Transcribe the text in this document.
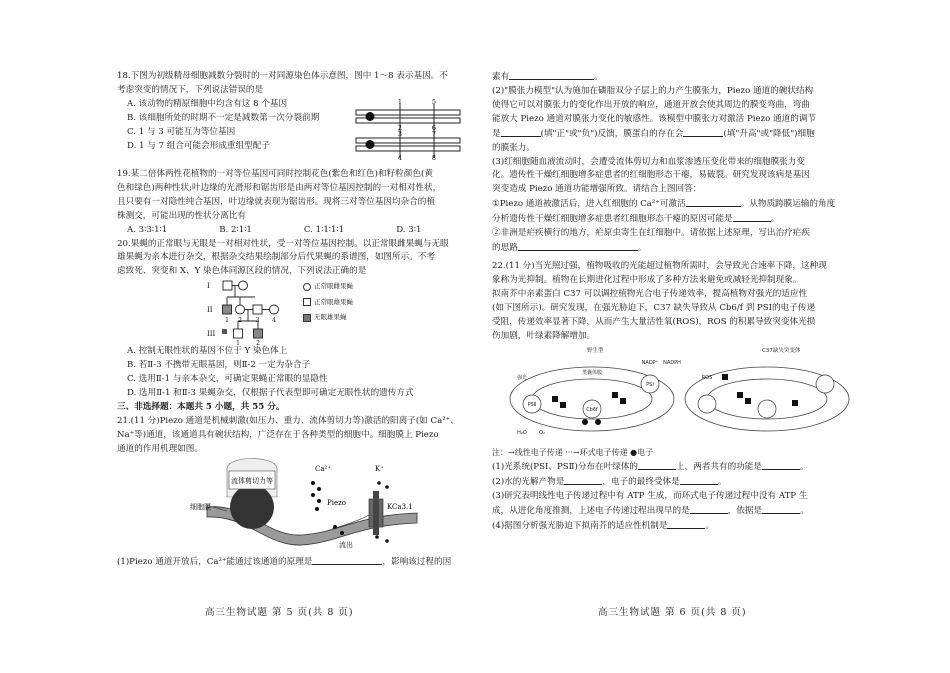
18.下图为初级精母细胞减数分裂时的一对同源染色体示意图，图中 1～8 表示基因。不

考虑突变的情况下，下列说法错误的是

A. 该动物的精原细胞中均含有这 8 个基因

B. 该细胞所处的时期不一定是减数第一次分裂前期

C. 1 与 3 可能互为等位基因

D. 1 与 7 组合可能会形成重组型配子

1	5
2	6
3	7
4	8

19.某二倍体两性花植物的一对等位基因可同时控制花色(紫色和红色)和籽粒颜色(黄

色和绿色)两种性状;叶边缘的光滑形和锯齿形是由两对等位基因控制的一对相对性状，

且只要有一对隐性纯合基因，叶边缘就表现为锯齿形。现将三对等位基因均杂合的植

株测交，可能出现的性状分离比有

A. 3∶3∶1∶1	B. 2∶1∶1	C. 1∶1∶1∶1	D. 3∶1

20.果蝇的正常眼与无眼是一对相对性状，受一对等位基因控制。以正常眼雌果蝇与无眼

雄果蝇为亲本进行杂交，根据杂交结果绘制部分后代果蝇的系谱图，如图所示。不考

虑致死、突变和 X、Y 染色体同源区段的情况，下列说法正确的是

I
II
III
1 2 3 4
1	2
正常眼雌果蝇
正常眼雄果蝇
无眼雄果蝇

A. 控制无眼性状的基因不位于 Y 染色体上

B. 若Ⅱ-3 不携带无眼基因，则Ⅱ-2 一定为杂合子

C. 选用Ⅱ-1 与亲本杂交，可确定果蝇正常眼的显隐性

D. 选用Ⅱ-1 和Ⅱ-3 果蝇杂交，仅根据子代表型即可确定无眼性状的遗传方式

三、非选择题：本题共 5 小题，共 55 分。

21.(11 分)Piezo 通道是机械刺激(如压力、重力、流体剪切力等)激活的阳离子(如 Ca²⁺、

Na⁺等)通道，该通道具有碗状结构，广泛存在于各种类型的细胞中。细胞膜上 Piezo

通道的作用机理如图。

流体剪切力等
细胞膜
Ca²⁺
Piezo
K⁺
KCa3.1
流出

(1)Piezo 通道开放后，Ca²⁺能通过该通道的原理是	，影响该过程的因

高三生物试题 第 5 页(共 8 页)

素有	。

(2)"膜张力模型"认为施加在磷脂双分子层上的力产生膜张力，Piezo 通道的碗状结构

使得它可以对膜张力的变化作出开放的响应，通道开放会使其周边的膜变弯曲，弯曲

能放大 Piezo 通道对膜张力变化的敏感性。该模型中膜张力对激活 Piezo 通道的调节

是	(填"正"或"负")反馈，膜蛋白的存在会	(填"升高"或"降低")细胞

的膜张力。

(3)红细胞随血液流动时，会遭受流体剪切力和血浆渗透压变化带来的细胞膜张力变

化。遗传性干燥红细胞增多症患者的红细胞形态干瘪，易破裂。研究发现该病是基因

突变造成 Piezo 通道功能增强所致。请结合上图回答：

①Piezo 通道被激活后，进入红细胞的 Ca²⁺可激活	。从物质跨膜运输的角度

分析遗传性干燥红细胞增多症患者红细胞形态干瘪的原因可能是	。

②非洲是疟疾横行的地方，疟原虫寄生在红细胞中。请依据上述原理，写出治疗疟疾

的思路	。

22.(11 分)当光照过强，植物吸收的光能超过植物所需时，会导致光合速率下降，这种现

象称为光抑制。植物在长期进化过程中形成了多种方法来避免或减轻光抑制现象。

拟南芥中亲素蛋白 C37 可以调控植物光合电子传递效率，提高植物对强光的适应性

(如下图所示)。研究发现，在强光胁迫下，C37 缺失导致从 Cb6/f 到 PSⅠ的电子传递

受阻，传递效率显著下降，从而产生大量活性氧(ROS)，ROS 的积累导致突变体光损

伤加剧，叶绿素降解增加。

野生型	C37缺失突变体
NADP⁺ NADPH
PSⅡ
Cb6f
PSⅠ
H₂O O₂
类囊体膜
强光	ROS

注：→线性电子传递 ···→环式电子传递 ●电子

(1)光系统(PSⅠ、PSⅡ)分布在叶绿体的	上，两者共有的功能是	。

(2)水的光解产物是	，电子的最终受体是	。

(3)研究表明线性电子传递过程中有 ATP 生成，而环式电子传递过程中没有 ATP 生

成，从进化角度推测，上述电子传递过程出现早的是	，依据是	。

(4)据图分析强光胁迫下拟南芥的适应性机制是	。

高三生物试题 第 6 页(共 8 页)
